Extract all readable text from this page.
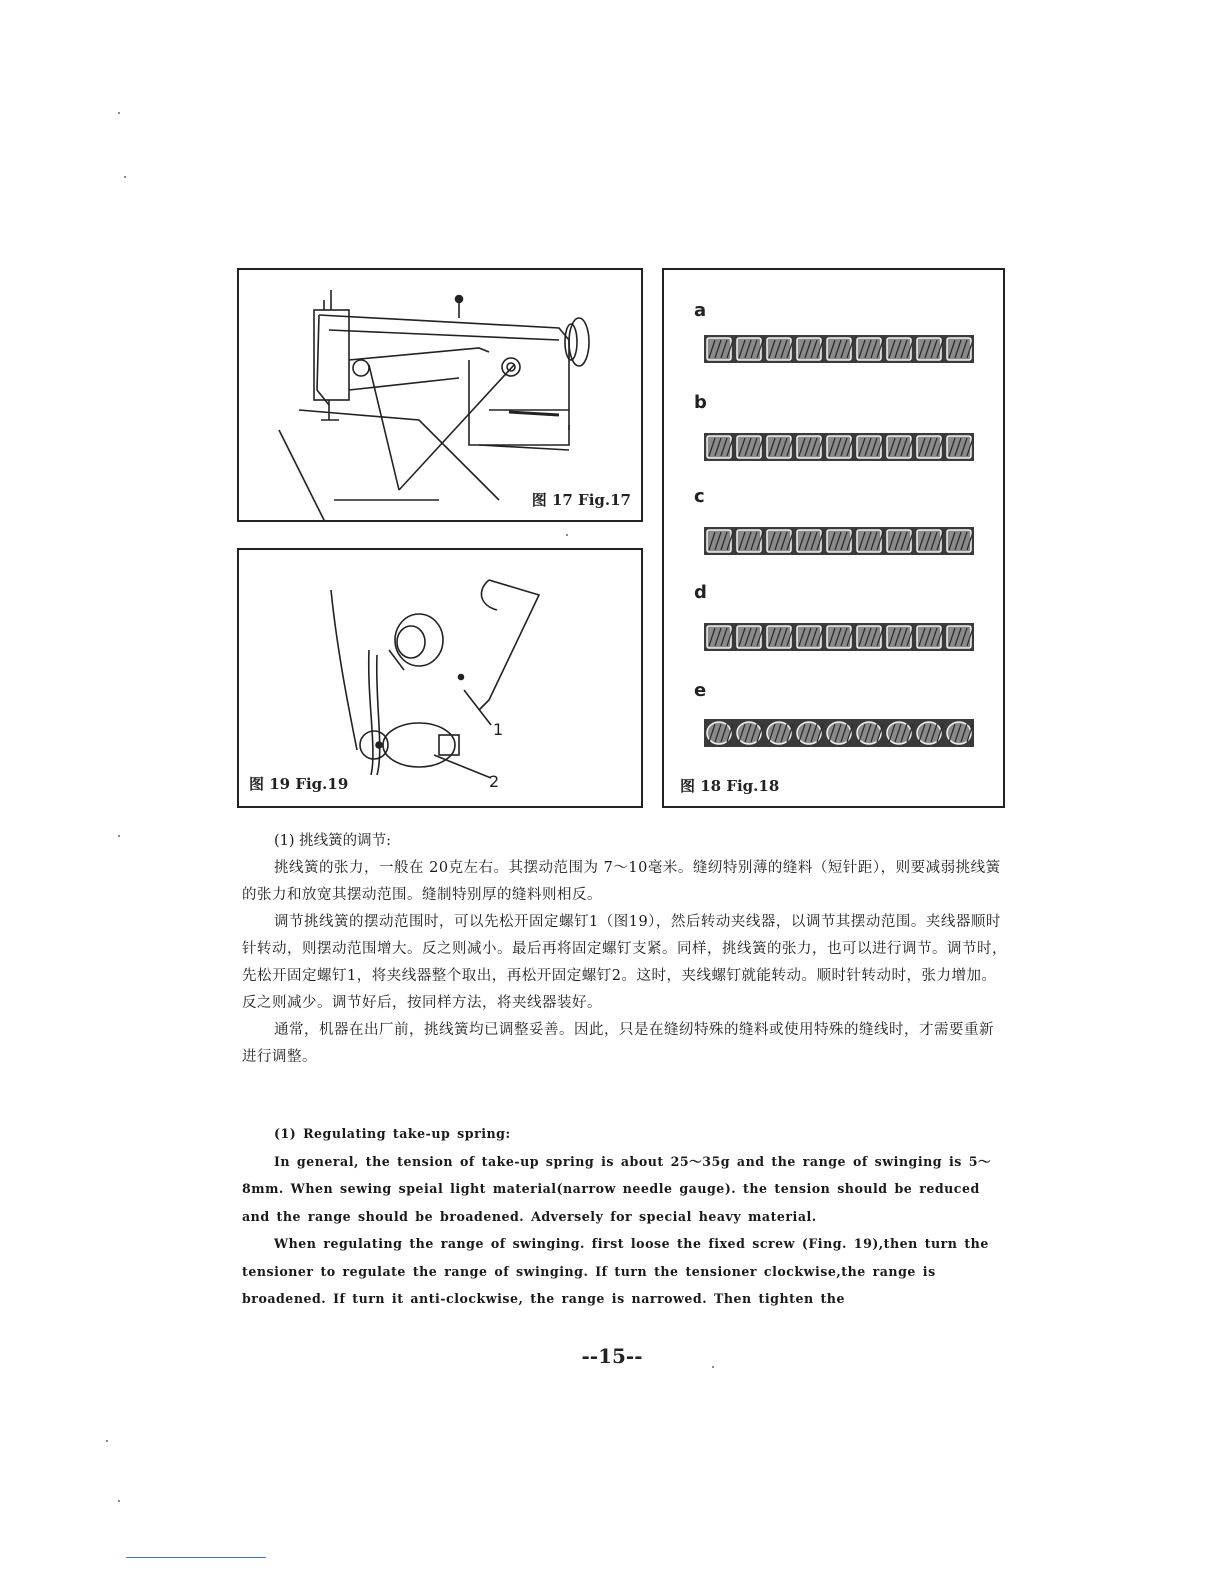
图 17 Fig.17
1
2
图 19 Fig.19
a
b
c
d
e
图 18 Fig.18

(1) 挑线簧的调节:

挑线簧的张力，一般在 20克左右。其摆动范围为 7～10毫米。缝纫特别薄的缝料（短针距），则要减弱挑线簧的张力和放宽其摆动范围。缝制特别厚的缝料则相反。

调节挑线簧的摆动范围时，可以先松开固定螺钉1（图19），然后转动夹线器，以调节其摆动范围。夹线器顺时针转动，则摆动范围增大。反之则减小。最后再将固定螺钉支紧。同样，挑线簧的张力，也可以进行调节。调节时，先松开固定螺钉1，将夹线器整个取出，再松开固定螺钉2。这时，夹线螺钉就能转动。顺时针转动时，张力增加。反之则减少。调节好后，按同样方法，将夹线器装好。

通常，机器在出厂前，挑线簧均已调整妥善。因此，只是在缝纫特殊的缝料或使用特殊的缝线时，才需要重新进行调整。

(1) Regulating take-up spring:

In general, the tension of take-up spring is about 25～35g and the range of swinging is 5～8mm. When sewing speial light material(narrow needle gauge). the tension should be reduced and the range should be broadened. Adversely for special heavy material.

When regulating the range of swinging. first loose the fixed screw (Fing. 19),then turn the tensioner to regulate the range of swinging. If turn the tensioner clockwise,the range is broadened. If turn it anti-clockwise, the range is narrowed. Then tighten the

--15--
